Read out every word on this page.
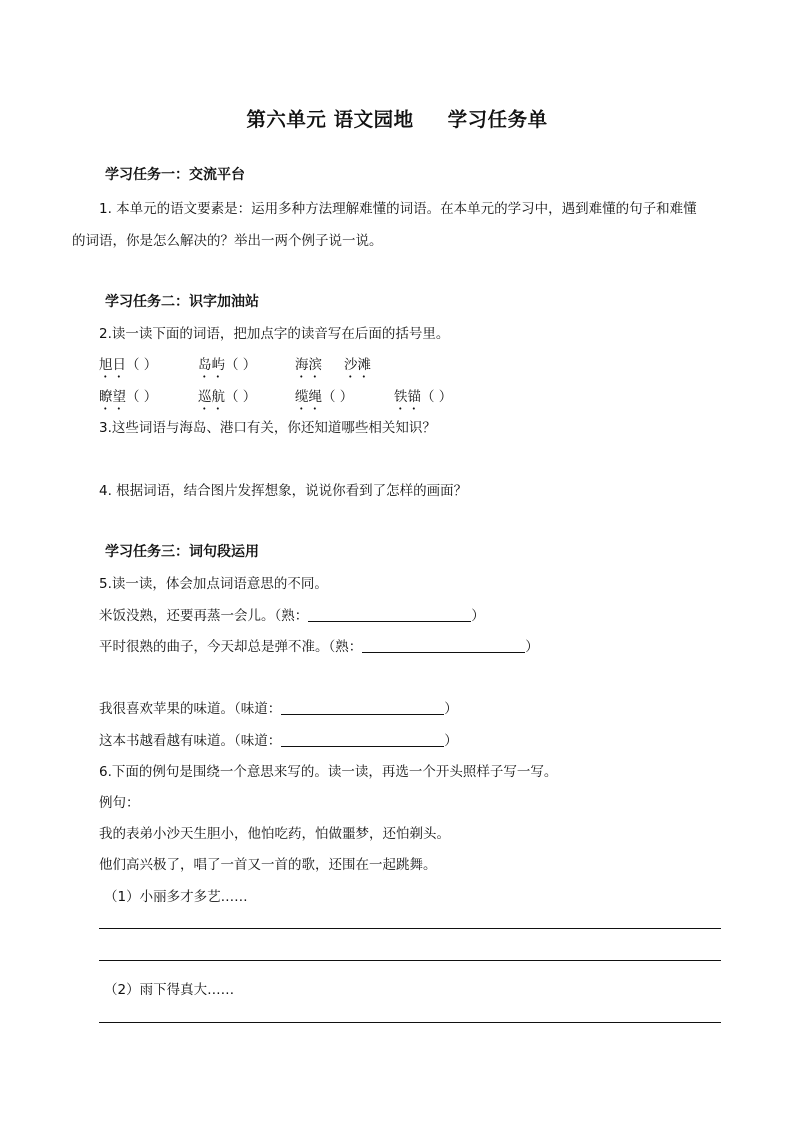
第六单元 语文园地 学习任务单
学习任务一：交流平台
1. 本单元的语文要素是：运用多种方法理解难懂的词语。在本单元的学习中，遇到难懂的句子和难懂
的词语，你是怎么解决的？举出一两个例子说一说。
学习任务二：识字加油站
2.读一读下面的词语，把加点字的读音写在后面的括号里。
旭日（ ）	岛屿（ ）	海滨 沙滩
瞭望（ ）	巡航（ ）	缆绳（ ）	铁锚（ ）
3.这些词语与海岛、港口有关，你还知道哪些相关知识？
4. 根据词语，结合图片发挥想象，说说你看到了怎样的画面？
学习任务三：词句段运用
5.读一读，体会加点词语意思的不同。
米饭没熟，还要再蒸一会儿。（熟：	）
平时很熟的曲子，今天却总是弹不准。（熟：	）
我很喜欢苹果的味道。（味道：	）
这本书越看越有味道。（味道：	）
6.下面的例句是围绕一个意思来写的。读一读，再选一个开头照样子写一写。
例句：
我的表弟小沙天生胆小，他怕吃药，怕做噩梦，还怕剃头。
他们高兴极了，唱了一首又一首的歌，还围在一起跳舞。
（1）小丽多才多艺……
（2）雨下得真大……
